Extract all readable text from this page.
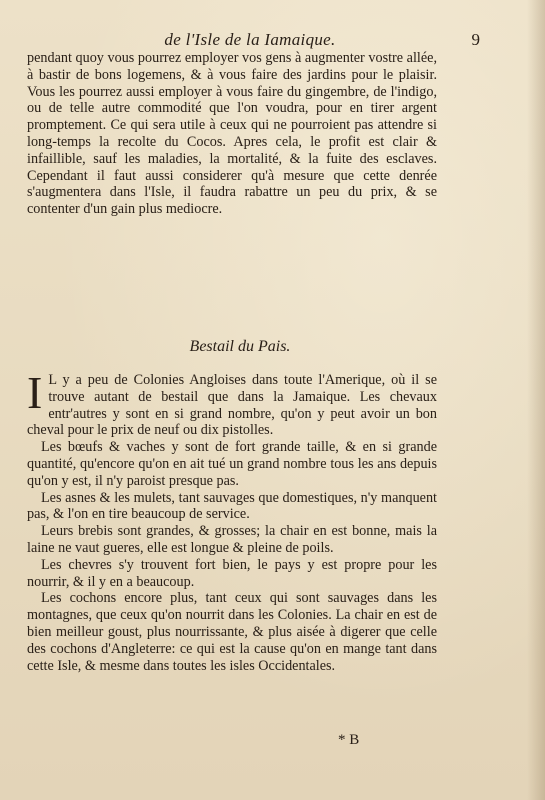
de l'Isle de la Iamaique.	9

pendant quoy vous pourrez employer vos gens à augmenter vostre allée, à bastir de bons logemens, & à vous faire des jardins pour le plaisir. Vous les pourrez aussi employer à vous faire du gingembre, de l'indigo, ou de telle autre commodité que l'on voudra, pour en tirer argent promptement. Ce qui sera utile à ceux qui ne pourroient pas attendre si long-temps la recolte du Cocos. Apres cela, le profit est clair & infaillible, sauf les maladies, la mortalité, & la fuite des esclaves. Cependant il faut aussi considerer qu'à mesure que cette denrée s'augmentera dans l'Isle, il faudra rabattre un peu du prix, & se contenter d'un gain plus mediocre.

Bestail du Pais.

I L y a peu de Colonies Angloises dans toute l'Amerique, où il se trouve autant de bestail que dans la Jamaique. Les chevaux entr'autres y sont en si grand nombre, qu'on y peut avoir un bon cheval pour le prix de neuf ou dix pistolles.

Les bœufs & vaches y sont de fort grande taille, & en si grande quantité, qu'encore qu'on en ait tué un grand nombre tous les ans depuis qu'on y est, il n'y paroist presque pas.

Les asnes & les mulets, tant sauvages que domestiques, n'y manquent pas, & l'on en tire beaucoup de service.

Leurs brebis sont grandes, & grosses; la chair en est bonne, mais la laine ne vaut gueres, elle est longue & pleine de poils.

Les chevres s'y trouvent fort bien, le pays y est propre pour les nourrir, & il y en a beaucoup.

Les cochons encore plus, tant ceux qui sont sauvages dans les montagnes, que ceux qu'on nourrit dans les Colonies. La chair en est de bien meilleur goust, plus nourrissante, & plus aisée à digerer que celle des cochons d'Angleterre: ce qui est la cause qu'on en mange tant dans cette Isle, & mesme dans toutes les isles Occidentales.

* B
